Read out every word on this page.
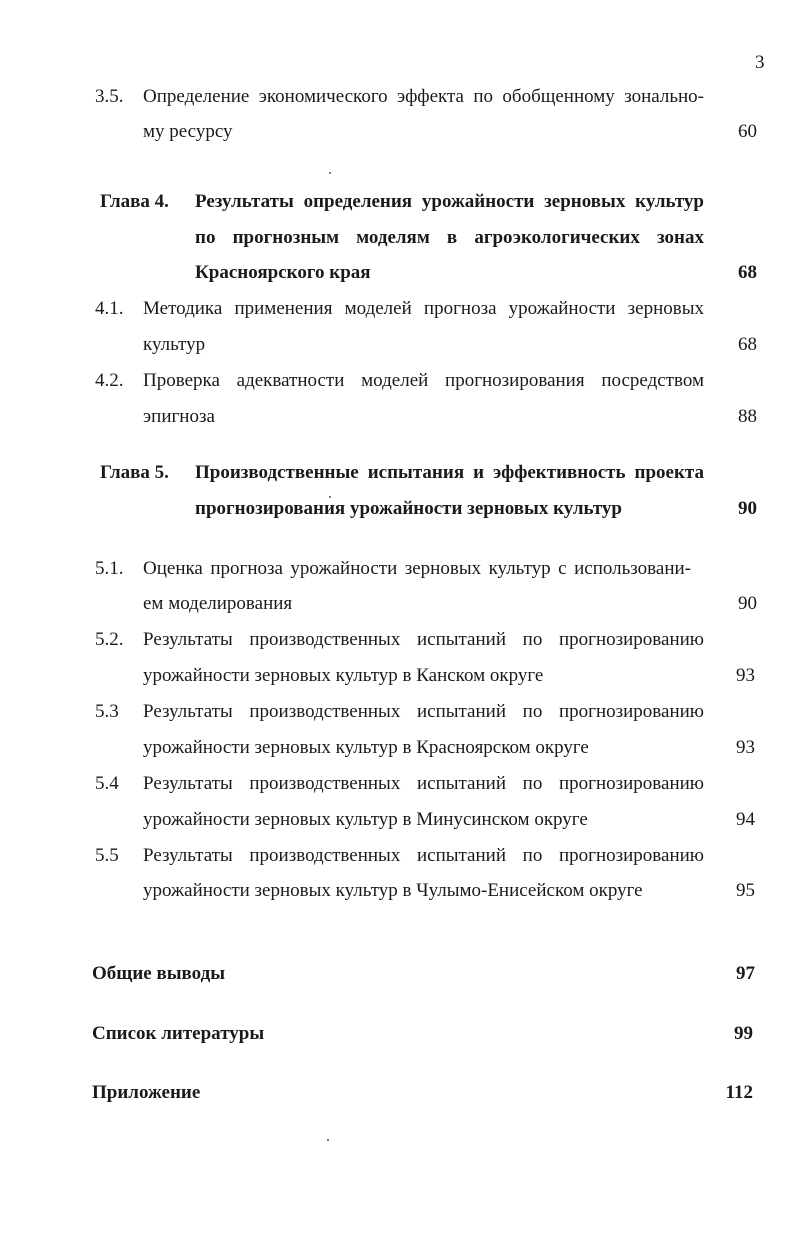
3
3.5. Определение экономического эффекта по обобщенному зонально-
му ресурсу	60
Глава 4. Результаты определения урожайности зерновых культур
по прогнозным моделям в агроэкологических зонах
Красноярского края	68
4.1. Методика применения моделей прогноза урожайности зерновых
культур	68
4.2. Проверка адекватности моделей прогнозирования посредством
эпигноза	88
Глава 5. Производственные испытания и эффективность проекта
прогнозирования урожайности зерновых культур	90
5.1. Оценка прогноза урожайности зерновых культур с использовани-
ем моделирования	90
5.2. Результаты производственных испытаний по прогнозированию
урожайности зерновых культур в Канском округе	93
5.3 Результаты производственных испытаний по прогнозированию
урожайности зерновых культур в Красноярском округе	93
5.4 Результаты производственных испытаний по прогнозированию
урожайности зерновых культур в Минусинском округе	94
5.5 Результаты производственных испытаний по прогнозированию
урожайности зерновых культур в Чулымо-Енисейском округе	95
Общие выводы	97
Список литературы	99
Приложение	112
